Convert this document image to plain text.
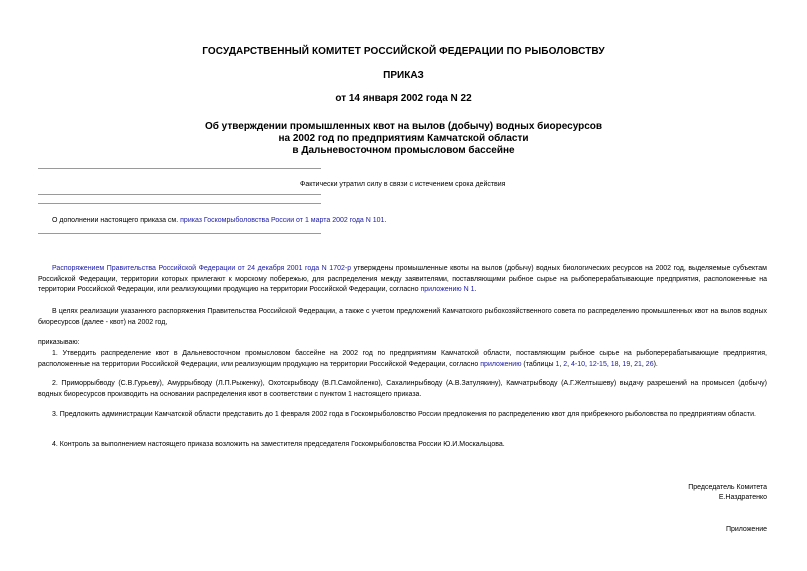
ГОСУДАРСТВЕННЫЙ КОМИТЕТ РОССИЙСКОЙ ФЕДЕРАЦИИ ПО РЫБОЛОВСТВУ
ПРИКАЗ
от 14 января 2002 года N 22
Об утверждении промышленных квот на вылов (добычу) водных биоресурсов
на 2002 год по предприятиям Камчатской области
в Дальневосточном промысловом бассейне
Фактически утратил силу в связи с истечением срока действия
О дополнении настоящего приказа см. приказ Госкомрыболовства России от 1 марта 2002 года N 101.
Распоряжением Правительства Российской Федерации от 24 декабря 2001 года N 1702-р утверждены промышленные квоты на вылов (добычу) водных биологических ресурсов на 2002 год, выделяемые субъектам Российской Федерации, территории которых прилегают к морскому побережью, для распределения между заявителями, поставляющими рыбное сырье на рыбоперерабатывающие предприятия, расположенные на территории Российской Федерации, или реализующими продукцию на территории Российской Федерации, согласно приложению N 1.
В целях реализации указанного распоряжения Правительства Российской Федерации, а также с учетом предложений Камчатского рыбохозяйственного совета по распределению промышленных квот на вылов водных биоресурсов (далее - квот) на 2002 год,
приказываю:
1. Утвердить распределение квот в Дальневосточном промысловом бассейне на 2002 год по предприятиям Камчатской области, поставляющим рыбное сырье на рыбоперерабатывающие предприятия, расположенные на территории Российской Федерации, или реализующим продукцию на территории Российской Федерации, согласно приложению (таблицы 1, 2, 4-10, 12-15, 18, 19, 21, 26).
2. Приморрыбводу (С.В.Гурьеву), Амуррыбводу (Л.П.Рыженку), Охотскрыбводу (В.П.Самойленко), Сахалинрыбводу (А.В.Затулякину), Камчатрыбводу (А.Г.Желтышеву) выдачу разрешений на промысел (добычу) водных биоресурсов производить на основании распределения квот в соответствии с пунктом 1 настоящего приказа.
3. Предложить администрации Камчатской области представить до 1 февраля 2002 года в Госкомрыболовство России предложения по распределению квот для прибрежного рыболовства по предприятиям области.
4. Контроль за выполнением настоящего приказа возложить на заместителя председателя Госкомрыболовства России Ю.И.Москальцова.
Председатель Комитета
Е.Наздратенко
Приложение
